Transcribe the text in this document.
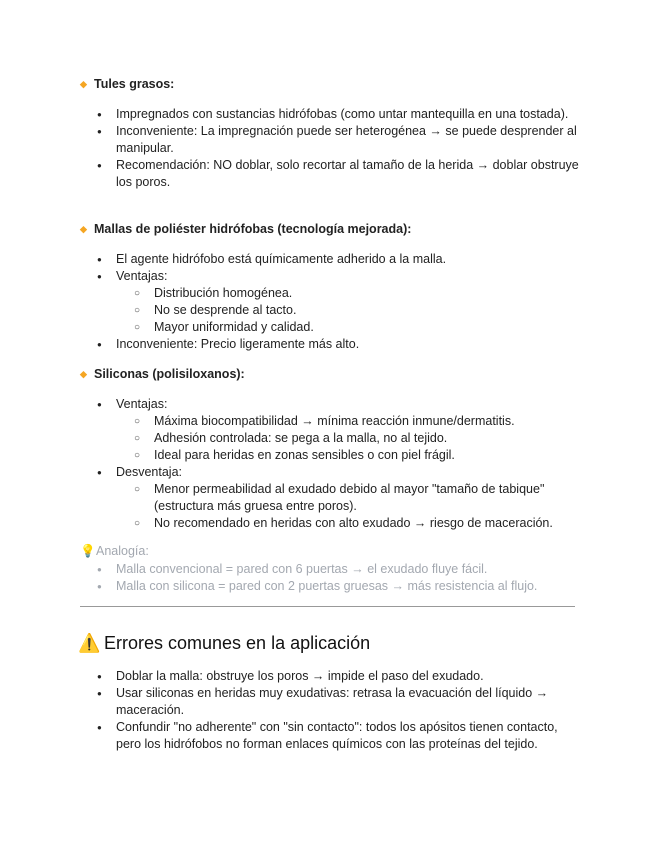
◆ Tules grasos:
● Impregnados con sustancias hidrófobas (como untar mantequilla en una tostada).
● Inconveniente: La impregnación puede ser heterogénea → se puede desprender al manipular.
● Recomendación: NO doblar, solo recortar al tamaño de la herida → doblar obstruye los poros.
◆ Mallas de poliéster hidrófobas (tecnología mejorada):
● El agente hidrófobo está químicamente adherido a la malla.
● Ventajas:
○ Distribución homogénea.
○ No se desprende al tacto.
○ Mayor uniformidad y calidad.
● Inconveniente: Precio ligeramente más alto.
◆ Siliconas (polisiloxanos):
● Ventajas:
○ Máxima biocompatibilidad → mínima reacción inmune/dermatitis.
○ Adhesión controlada: se pega a la malla, no al tejido.
○ Ideal para heridas en zonas sensibles o con piel frágil.
● Desventaja:
○ Menor permeabilidad al exudado debido al mayor "tamaño de tabique" (estructura más gruesa entre poros).
○ No recomendado en heridas con alto exudado → riesgo de maceración.
💡Analogía:
● Malla convencional = pared con 6 puertas → el exudado fluye fácil.
● Malla con silicona = pared con 2 puertas gruesas → más resistencia al flujo.
⚠️ Errores comunes en la aplicación
● Doblar la malla: obstruye los poros → impide el paso del exudado.
● Usar siliconas en heridas muy exudativas: retrasa la evacuación del líquido → maceración.
● Confundir "no adherente" con "sin contacto": todos los apósitos tienen contacto, pero los hidrófobos no forman enlaces químicos con las proteínas del tejido.
